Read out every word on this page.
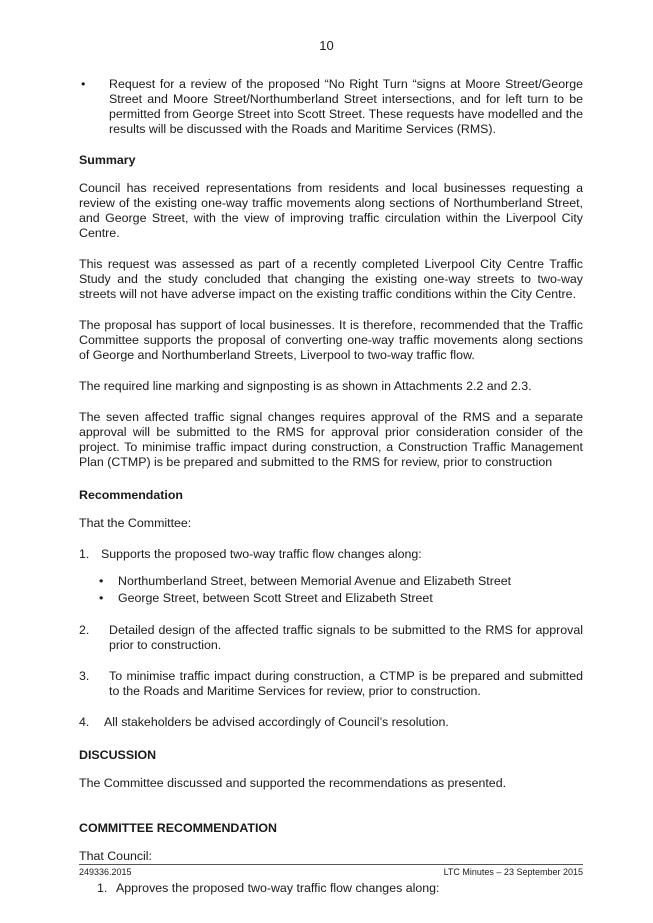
10
•	Request for a review of the proposed “No Right Turn “signs at Moore Street/George Street and Moore Street/Northumberland Street intersections, and for left turn to be permitted from George Street into Scott Street. These requests have modelled and the results will be discussed with the Roads and Maritime Services (RMS).
Summary

Council has received representations from residents and local businesses requesting a review of the existing one-way traffic movements along sections of Northumberland Street, and George Street, with the view of improving traffic circulation within the Liverpool City Centre.

This request was assessed as part of a recently completed Liverpool City Centre Traffic Study and the study concluded that changing the existing one-way streets to two-way streets will not have adverse impact on the existing traffic conditions within the City Centre.

The proposal has support of local businesses. It is therefore, recommended that the Traffic Committee supports the proposal of converting one-way traffic movements along sections of George and Northumberland Streets, Liverpool to two-way traffic flow.

The required line marking and signposting is as shown in Attachments 2.2 and 2.3.

The seven affected traffic signal changes requires approval of the RMS and a separate approval will be submitted to the RMS for approval prior consideration consider of the project. To minimise traffic impact during construction, a Construction Traffic Management Plan (CTMP) is be prepared and submitted to the RMS for review, prior to construction

Recommendation

That the Committee:

1. Supports the proposed two-way traffic flow changes along:
•	Northumberland Street, between Memorial Avenue and Elizabeth Street
•	George Street, between Scott Street and Elizabeth Street
2.	Detailed design of the affected traffic signals to be submitted to the RMS for approval prior to construction.
3.	To minimise traffic impact during construction, a CTMP is be prepared and submitted to the Roads and Maritime Services for review, prior to construction.
4.	All stakeholders be advised accordingly of Council’s resolution.
DISCUSSION

The Committee discussed and supported the recommendations as presented.

COMMITTEE RECOMMENDATION

That Council:

1. Approves the proposed two-way traffic flow changes along:
249336.2015	LTC Minutes – 23 September 2015
